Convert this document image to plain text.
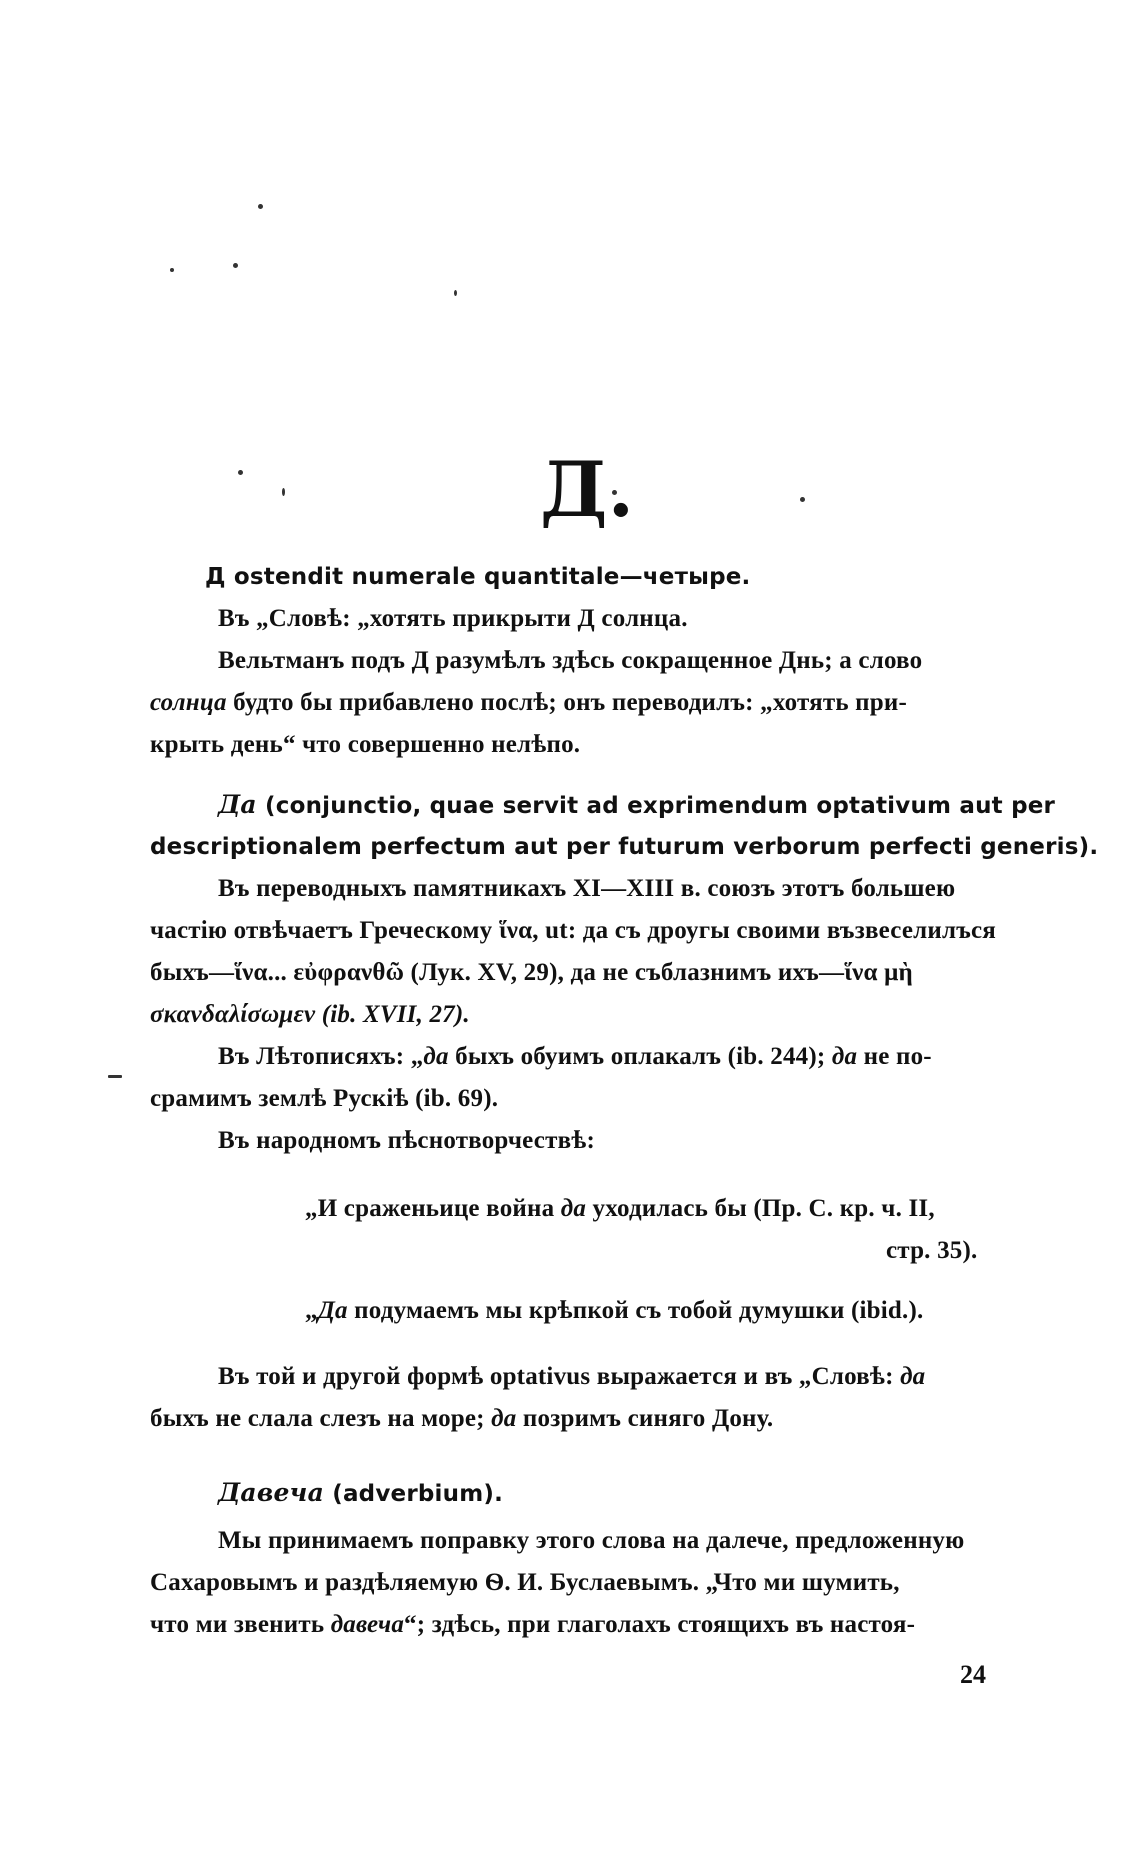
Д.
Д ostendit numerale quantitale—четыре.
Въ „Словѣ: „хотять прикрыти Д солнца.
Вельтманъ подъ Д разумѣлъ здѣсь сокращенное Днь; а слово
солнца будто бы прибавлено послѣ; онъ переводилъ: „хотять при-
крыть день“ что совершенно нелѣпо.
Да (conjunctio, quae servit ad exprimendum optativum aut per
descriptionalem perfectum aut per futurum verborum perfecti generis).
Въ переводныхъ памятникахъ XI—XIII в. союзъ этотъ большею
частію отвѣчаетъ Греческому ἵνα, ut: да съ дроугы своими възвеселилъся
быхъ—ἵνα... εὐφρανθῶ (Лук. XV, 29), да не съблазнимъ ихъ—ἵνα μὴ
σκανδαλίσωμεν (ib. XVII, 27).
Въ Лѣтописяхъ: „да быхъ обуимъ оплакалъ (ib. 244); да не по-
срамимъ землѣ Рускіѣ (ib. 69).
Въ народномъ пѣснотворчествѣ:
„И сраженьице война да уходилась бы (Пр. С. кр. ч. II,
стр. 35).
„Да подумаемъ мы крѣпкой съ тобой думушки (ibid.).
Въ той и другой формѣ optativus выражается и въ „Словѣ: да
быхъ не слала слезъ на море; да позримъ синяго Дону.
Давеча (adverbium).
Мы принимаемъ поправку этого слова на далече, предложенную
Сахаровымъ и раздѣляемую Ѳ. И. Буслаевымъ. „Что ми шумить,
что ми звенить давеча“; здѣсь, при глаголахъ стоящихъ въ настоя-
24
